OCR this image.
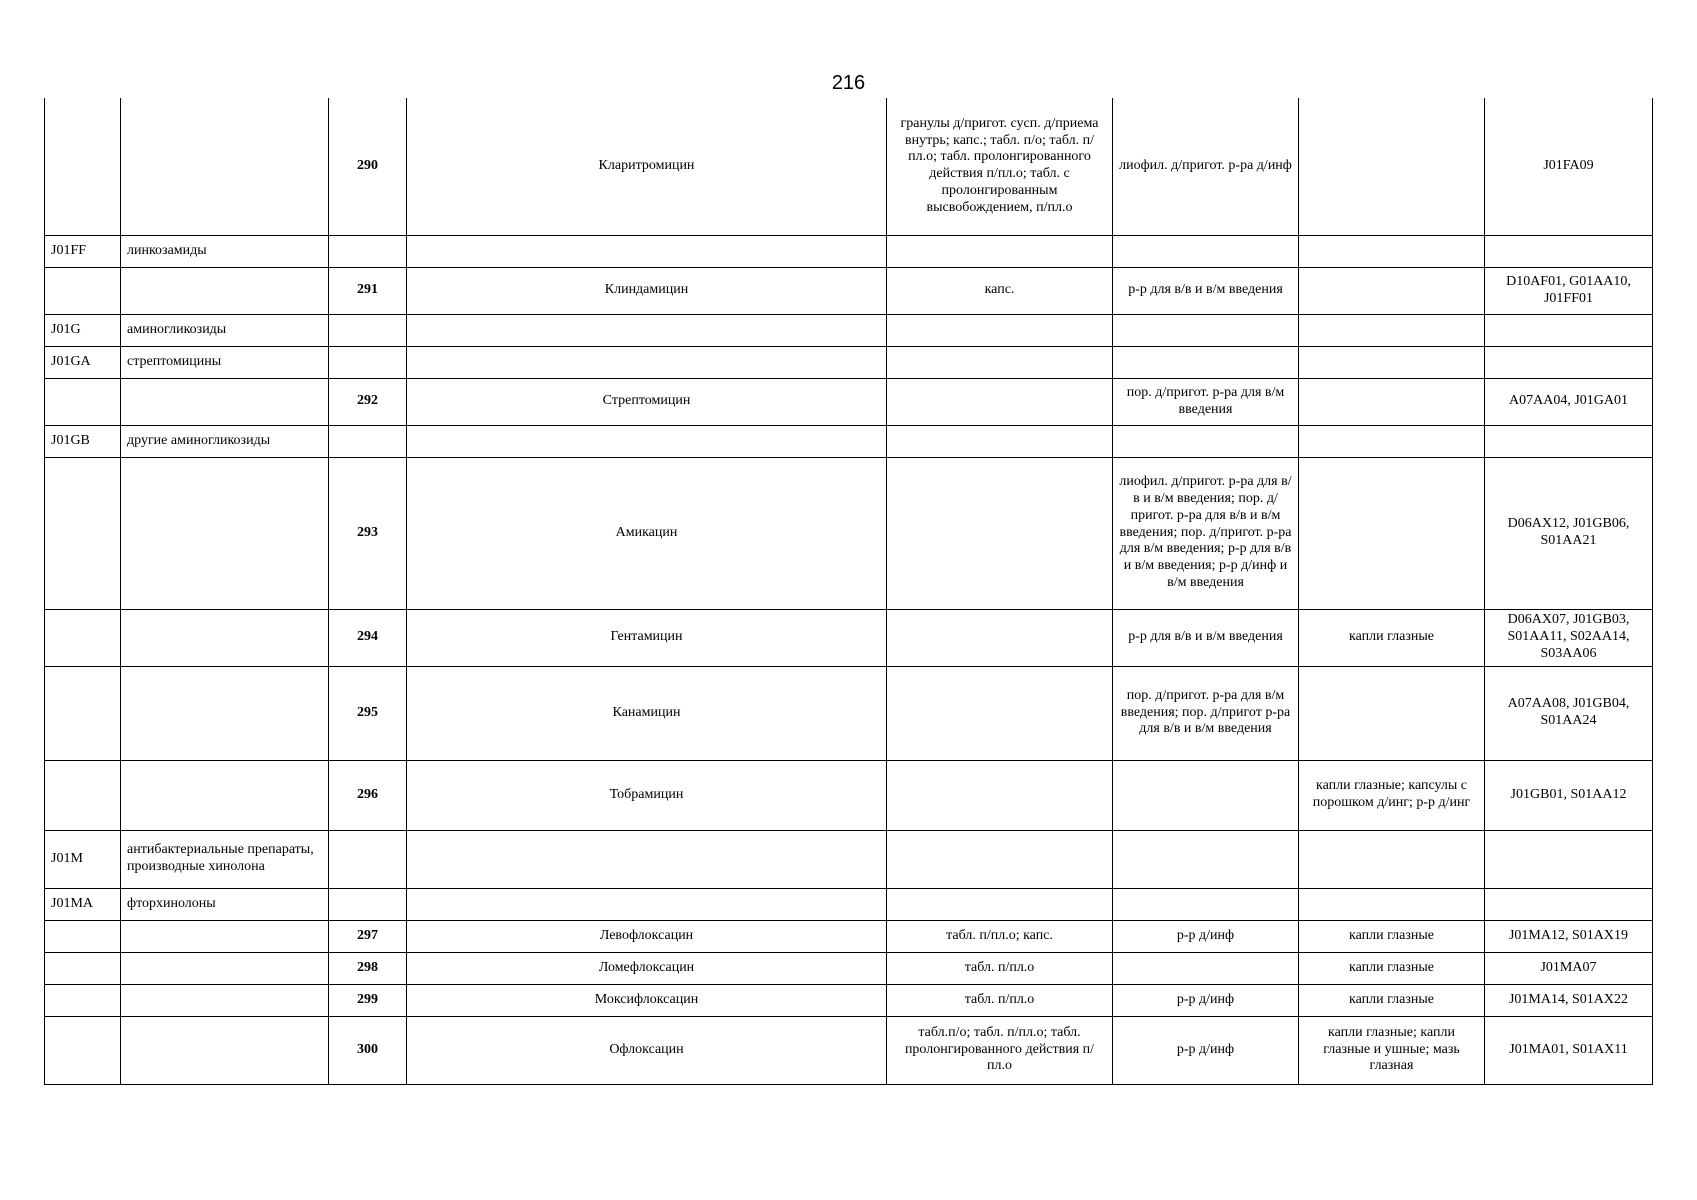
216
		290	Кларитромицин	гранулы д/пригот. сусп. д/приема внутрь; капс.; табл. п/о; табл. п/пл.о; табл. пролонгированного действия п/пл.о; табл. с пролонгированным высвобождением, п/пл.о	лиофил. д/пригот. р-ра д/инф		J01FA09
J01FF	линкозамиды						
		291	Клиндамицин	капс.	р-р для в/в и в/м введения		D10AF01, G01AA10, J01FF01
J01G	аминогликозиды						
J01GA	стрептомицины						
		292	Стрептомицин		пор. д/пригот. р-ра для в/м введения		A07AA04, J01GA01
J01GB	другие аминогликозиды						
		293	Амикацин		лиофил. д/пригот. р-ра для в/в и в/м введения; пор. д/пригот. р-ра для в/в и в/м введения; пор. д/пригот. р-ра для в/м введения; р-р для в/в и в/м введения; р-р д/инф и в/м введения		D06AX12, J01GB06, S01AA21
		294	Гентамицин		р-р для в/в и в/м введения	капли глазные	D06AX07, J01GB03, S01AA11, S02AA14, S03AA06
		295	Канамицин		пор. д/пригот. р-ра для в/м введения; пор. д/пригот р-ра для в/в и в/м введения		A07AA08, J01GB04, S01AA24
		296	Тобрамицин			капли глазные; капсулы с порошком д/инг; р-р д/инг	J01GB01, S01AA12
J01M	антибактериальные препараты, производные хинолона						
J01MA	фторхинолоны						
		297	Левофлоксацин	табл. п/пл.о; капс.	р-р д/инф	капли глазные	J01MA12, S01AX19
		298	Ломефлоксацин	табл. п/пл.о		капли глазные	J01MA07
		299	Моксифлоксацин	табл. п/пл.о	р-р д/инф	капли глазные	J01MA14, S01AX22
		300	Офлоксацин	табл.п/о; табл. п/пл.о; табл. пролонгированного действия п/пл.о	р-р д/инф	капли глазные; капли глазные и ушные; мазь глазная	J01MA01, S01AX11
